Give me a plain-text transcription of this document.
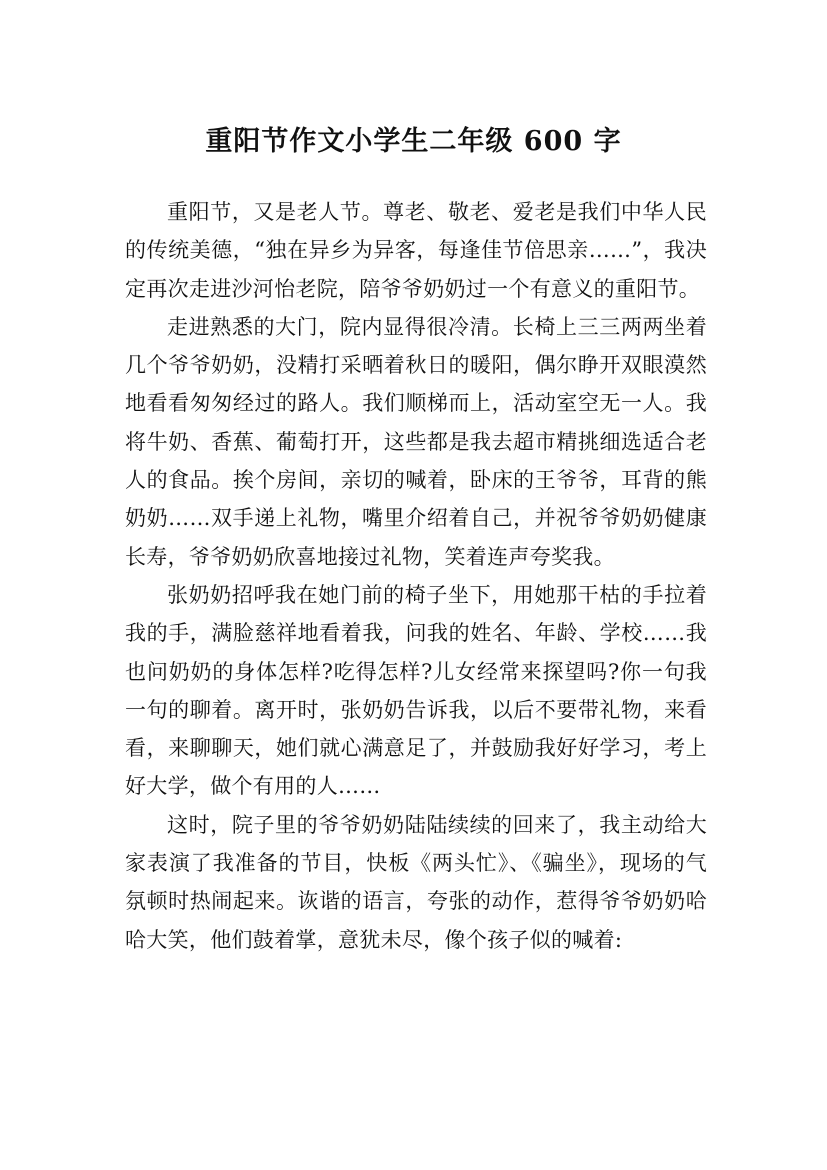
重阳节作文小学生二年级 600 字

重阳节，又是老人节。尊老、敬老、爱老是我们中华人民的传统美德，“独在异乡为异客，每逢佳节倍思亲……”，我决定再次走进沙河怡老院，陪爷爷奶奶过一个有意义的重阳节。

走进熟悉的大门，院内显得很冷清。长椅上三三两两坐着几个爷爷奶奶，没精打采晒着秋日的暖阳，偶尔睁开双眼漠然地看看匆匆经过的路人。我们顺梯而上，活动室空无一人。我将牛奶、香蕉、葡萄打开，这些都是我去超市精挑细选适合老人的食品。挨个房间，亲切的喊着，卧床的王爷爷，耳背的熊奶奶……双手递上礼物，嘴里介绍着自己，并祝爷爷奶奶健康长寿，爷爷奶奶欣喜地接过礼物，笑着连声夸奖我。

张奶奶招呼我在她门前的椅子坐下，用她那干枯的手拉着我的手，满脸慈祥地看着我，问我的姓名、年龄、学校……我也问奶奶的身体怎样?吃得怎样?儿女经常来探望吗?你一句我一句的聊着。离开时，张奶奶告诉我，以后不要带礼物，来看看，来聊聊天，她们就心满意足了，并鼓励我好好学习，考上好大学，做个有用的人……

这时，院子里的爷爷奶奶陆陆续续的回来了，我主动给大家表演了我准备的节目，快板《两头忙》、《骗坐》，现场的气氛顿时热闹起来。诙谐的语言，夸张的动作，惹得爷爷奶奶哈哈大笑，他们鼓着掌，意犹未尽，像个孩子似的喊着:
